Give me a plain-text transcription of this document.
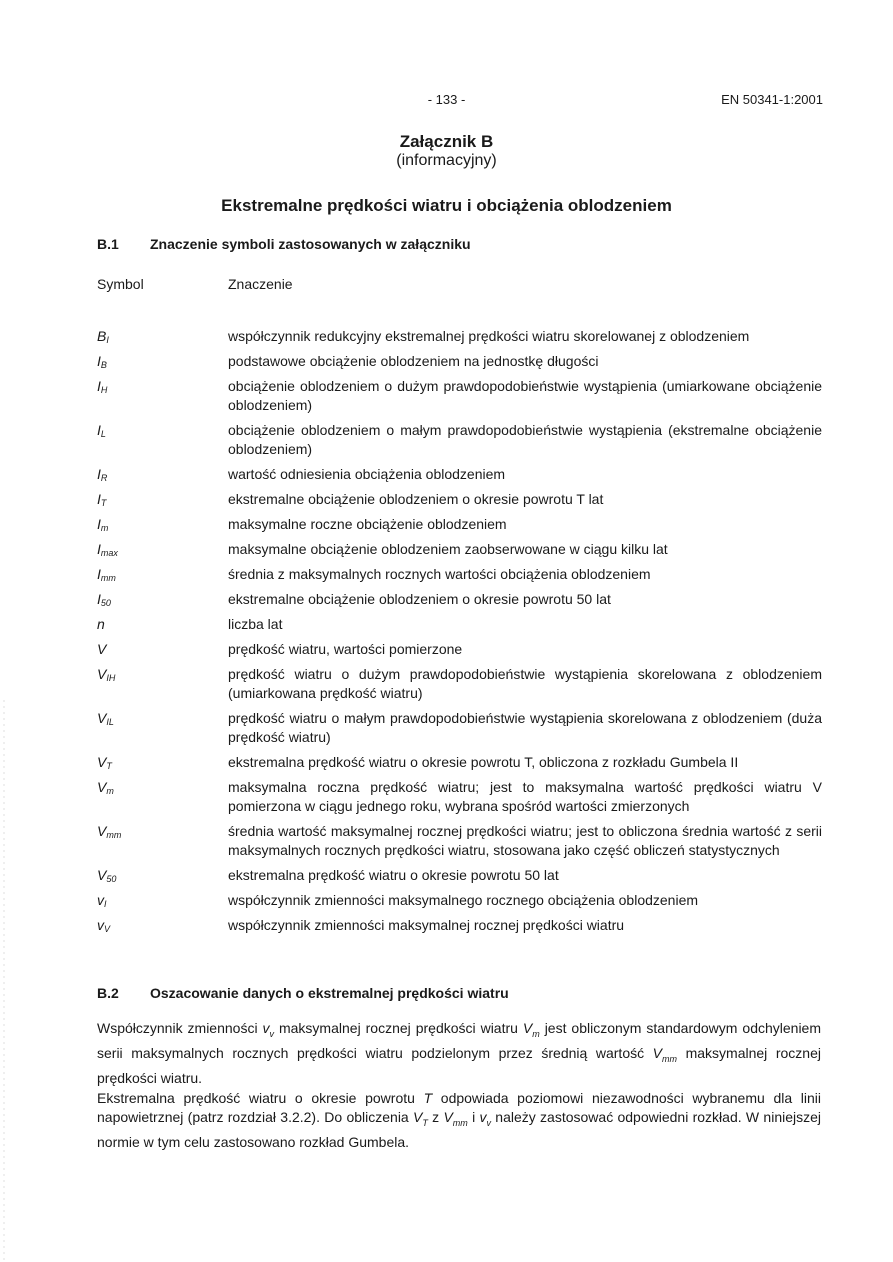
- 133 -	EN 50341-1:2001
Załącznik B
(informacyjny)
Ekstremalne prędkości wiatru i obciążenia oblodzeniem
B.1 Znaczenie symboli zastosowanych w załączniku
Symbol	Znaczenie
$B_I$	współczynnik redukcyjny ekstremalnej prędkości wiatru skorelowanej z oblodzeniem
$I_B$	podstawowe obciążenie oblodzeniem na jednostkę długości
$I_H$	obciążenie oblodzeniem o dużym prawdopodobieństwie wystąpienia (umiarkowane obciążenie oblodzeniem)
$I_L$	obciążenie oblodzeniem o małym prawdopodobieństwie wystąpienia (ekstremalne obciążenie oblodzeniem)
$I_R$	wartość odniesienia obciążenia oblodzeniem
$I_T$	ekstremalne obciążenie oblodzeniem o okresie powrotu T lat
$I_m$	maksymalne roczne obciążenie oblodzeniem
$I_{max}$	maksymalne obciążenie oblodzeniem zaobserwowane w ciągu kilku lat
$I_{mm}$	średnia z maksymalnych rocznych wartości obciążenia oblodzeniem
$I_{50}$	ekstremalne obciążenie oblodzeniem o okresie powrotu 50 lat
n	liczba lat
V	prędkość wiatru, wartości pomierzone
$V_{IH}$	prędkość wiatru o dużym prawdopodobieństwie wystąpienia skorelowana z oblodzeniem (umiarkowana prędkość wiatru)
$V_{IL}$	prędkość wiatru o małym prawdopodobieństwie wystąpienia skorelowana z oblodzeniem (duża prędkość wiatru)
$V_T$	ekstremalna prędkość wiatru o okresie powrotu T, obliczona z rozkładu Gumbela II
$V_m$	maksymalna roczna prędkość wiatru; jest to maksymalna wartość prędkości wiatru V pomierzona w ciągu jednego roku, wybrana spośród wartości zmierzonych
$V_{mm}$	średnia wartość maksymalnej rocznej prędkości wiatru; jest to obliczona średnia wartość z serii maksymalnych rocznych prędkości wiatru, stosowana jako część obliczeń statystycznych
$V_{50}$	ekstremalna prędkość wiatru o okresie powrotu 50 lat
$v_I$	współczynnik zmienności maksymalnego rocznego obciążenia oblodzeniem
$v_V$	współczynnik zmienności maksymalnej rocznej prędkości wiatru
B.2 Oszacowanie danych o ekstremalnej prędkości wiatru

Współczynnik zmienności $v_v$ maksymalnej rocznej prędkości wiatru $V_m$ jest obliczonym standardowym odchyleniem serii maksymalnych rocznych prędkości wiatru podzielonym przez średnią wartość $V_{mm}$ maksymalnej rocznej prędkości wiatru.

Ekstremalna prędkość wiatru o okresie powrotu T odpowiada poziomowi niezawodności wybranemu dla linii napowietrznej (patrz rozdział 3.2.2). Do obliczenia $V_T$ z $V_{mm}$ i $v_v$ należy zastosować odpowiedni rozkład. W niniejszej normie w tym celu zastosowano rozkład Gumbela.
